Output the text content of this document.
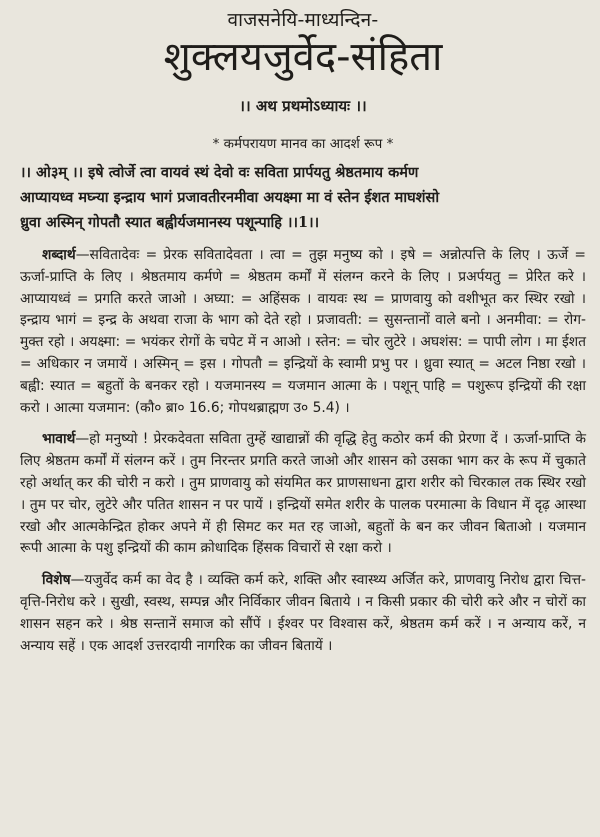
वाजसनेयि-माध्यन्दिन-
शुक्लयजुर्वेद-संहिता
।। अथ प्रथमोऽध्यायः ।।
* कर्मपरायण मानव का आदर्श रूप *
।। ओ३म् ।। इषे त्वोर्जे त्वा वायवं स्थं देवो वः सविता प्रार्पयतु श्रेष्ठतमाय कर्मण
आप्यायध्व मघ्न्या इन्द्राय भागं प्रजावतीरनमीवा अयक्ष्मा मा वं स्तेन ईशत माघशंसो
ध्रुवा अस्मिन् गोपतौ स्यात बह्वीर्यजमानस्य पशून्पाहि ।।1।।
शब्दार्थ—सवितादेवः = प्रेरक सवितादेवता । त्वा = तुझ मनुष्य को । इषे = अन्नोत्पत्ति के लिए । ऊर्जे = ऊर्जा-प्राप्ति के लिए । श्रेष्ठतमाय कर्मणे = श्रेष्ठतम कर्मों में संलग्न करने के लिए । प्रअर्पयतु = प्रेरित करे । आप्यायध्वं = प्रगति करते जाओ । अघ्या: = अहिंसक । वायवः स्थ = प्राणवायु को वशीभूत कर स्थिर रखो । इन्द्राय भागं = इन्द्र के अथवा राजा के भाग को देते रहो । प्रजावती: = सुसन्तानों वाले बनो । अनमीवा: = रोग-मुक्त रहो । अयक्ष्मा: = भयंकर रोगों के चपेट में न आओ । स्तेन: = चोर लुटेरे । अघशंस: = पापी लोग । मा ईशत = अधिकार न जमायें । अस्मिन् = इस । गोपतौ = इन्द्रियों के स्वामी प्रभु पर । ध्रुवा स्यात् = अटल निष्ठा रखो । बह्वी: स्यात = बहुतों के बनकर रहो । यजमानस्य = यजमान आत्मा के । पशून् पाहि = पशुरूप इन्द्रियों की रक्षा करो । आत्मा यजमान: (कौ० ब्रा० 16.6; गोपथब्राह्मण उ० 5.4) ।
भावार्थ—हो मनुष्यो ! प्रेरकदेवता सविता तुम्हें खाद्यान्नों की वृद्धि हेतु कठोर कर्म की प्रेरणा दें । ऊर्जा-प्राप्ति के लिए श्रेष्ठतम कर्मों में संलग्न करें । तुम निरन्तर प्रगति करते जाओ और शासन को उसका भाग कर के रूप में चुकाते रहो अर्थात् कर की चोरी न करो । तुम प्राणवायु को संयमित कर प्राणसाधना द्वारा शरीर को चिरकाल तक स्थिर रखो । तुम पर चोर, लुटेरे और पतित शासन न पर पायें । इन्द्रियों समेत शरीर के पालक परमात्मा के विधान में दृढ़ आस्था रखो और आत्मकेन्द्रित होकर अपने में ही सिमट कर मत रह जाओ, बहुतों के बन कर जीवन बिताओ । यजमान रूपी आत्मा के पशु इन्द्रियों की काम क्रोधादिक हिंसक विचारों से रक्षा करो ।
विशेष—यजुर्वेद कर्म का वेद है । व्यक्ति कर्म करे, शक्ति और स्वास्थ्य अर्जित करे, प्राणवायु निरोध द्वारा चित्त-वृत्ति-निरोध करे । सुखी, स्वस्थ, सम्पन्न और निर्विकार जीवन बिताये । न किसी प्रकार की चोरी करे और न चोरों का शासन सहन करे । श्रेष्ठ सन्तानें समाज को सौंपें । ईश्वर पर विश्वास करें, श्रेष्ठतम कर्म करें । न अन्याय करें, न अन्याय सहें । एक आदर्श उत्तरदायी नागरिक का जीवन बितायें ।
